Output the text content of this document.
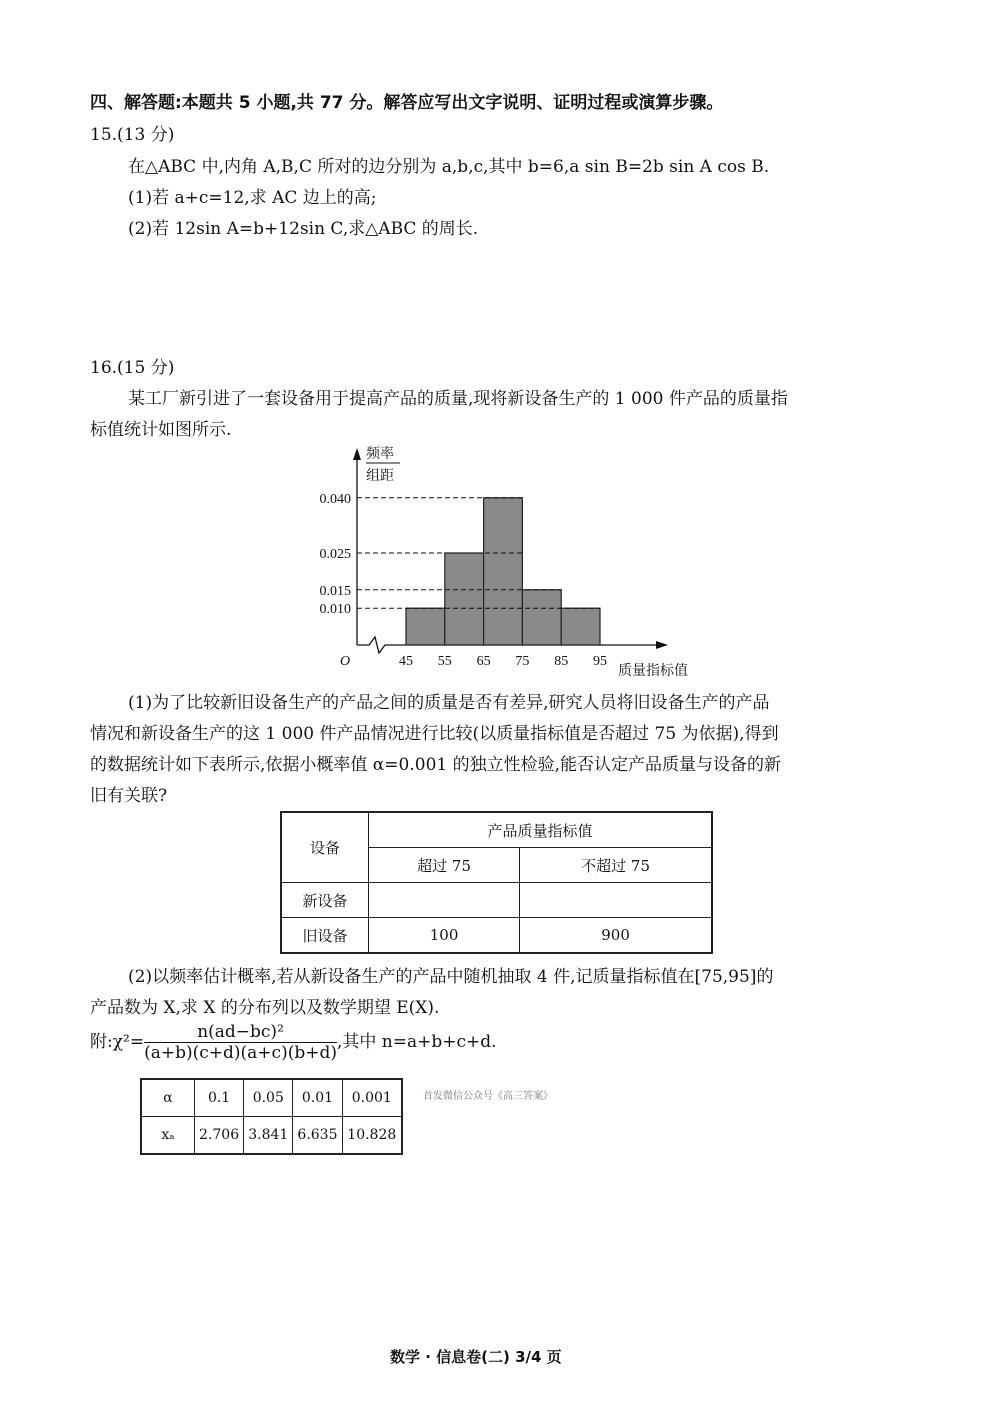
四、解答题:本题共 5 小题,共 77 分。解答应写出文字说明、证明过程或演算步骤。
15.(13 分)
在△ABC 中,内角 A,B,C 所对的边分别为 a,b,c,其中 b=6,a sin B=2b sin A cos B.
(1)若 a+c=12,求 AC 边上的高;
(2)若 12sin A=b+12sin C,求△ABC 的周长.
16.(15 分)
某工厂新引进了一套设备用于提高产品的质量,现将新设备生产的 1 000 件产品的质量指
标值统计如图所示.
0.040
0.025
0.015
0.010
45 55 65 75 85 95
O
质量指标值
频率
组距
(1)为了比较新旧设备生产的产品之间的质量是否有差异,研究人员将旧设备生产的产品
情况和新设备生产的这 1 000 件产品情况进行比较(以质量指标值是否超过 75 为依据),得到
的数据统计如下表所示,依据小概率值 α=0.001 的独立性检验,能否认定产品质量与设备的新
旧有关联?
设备	产品质量指标值	
	超过 75	不超过 75
新设备		
旧设备	100	900
(2)以频率估计概率,若从新设备生产的产品中随机抽取 4 件,记质量指标值在[75,95]的
产品数为 X,求 X 的分布列以及数学期望 E(X).
附:χ²= $\frac{\text{n(ad−bc)²}}{(a+b)(c+d)(a+c)(b+d)}$ ,其中 n=a+b+c+d.
α	0.1	0.05	0.01	0.001
xₐ	2.706	3.841	6.635	10.828
首发微信公众号《高三答案》
数学 · 信息卷(二) 3/4 页
